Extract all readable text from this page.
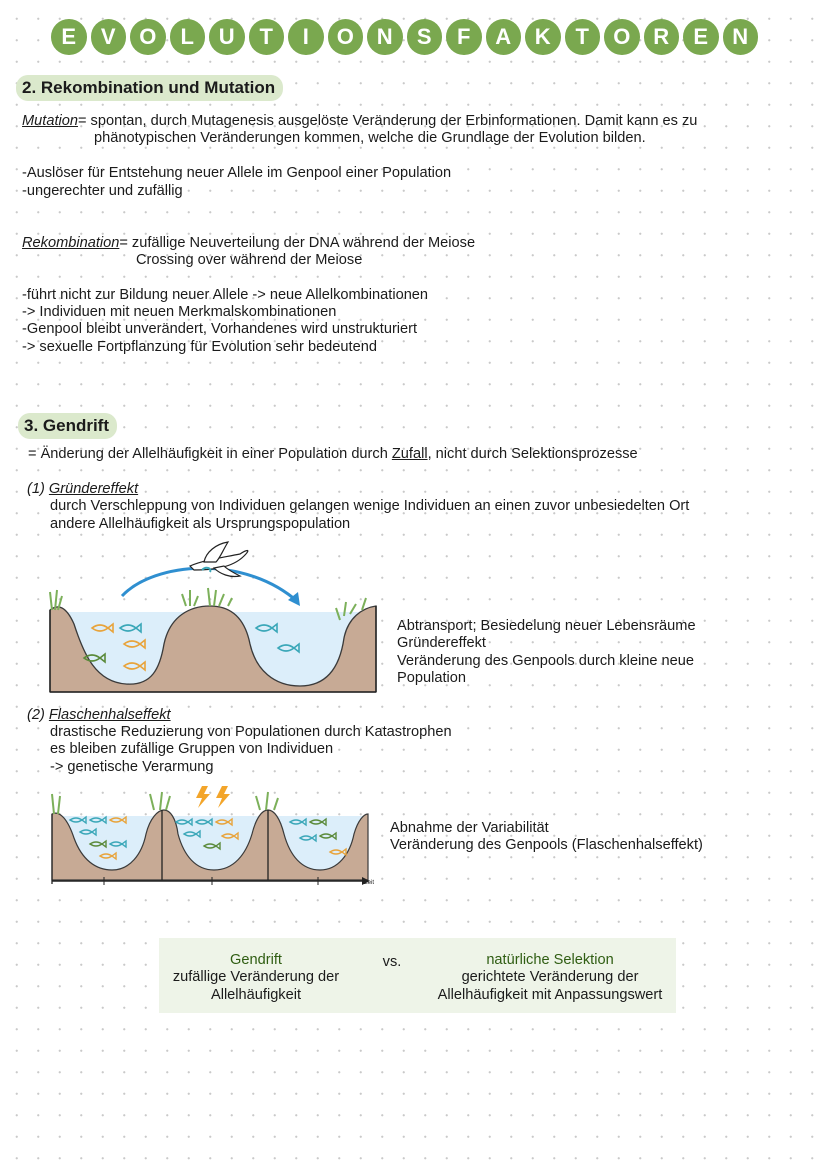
E	V	O	L	U	T	I	O	N	S	F	A	K	T	O	R	E	N
2. Rekombination und Mutation
Mutation= spontan, durch Mutagenesis ausgelöste Veränderung der Erbinformationen. Damit kann es zu
phänotypischen Veränderungen kommen, welche die Grundlage der Evolution bilden.
-Auslöser für Entstehung neuer Allele im Genpool einer Population
-ungerechter und zufällig
Rekombination= zufällige Neuverteilung der DNA während der Meiose
Crossing over während der Meiose
-führt nicht zur Bildung neuer Allele -> neue Allelkombinationen
-> Individuen mit neuen Merkmalskombinationen
-Genpool bleibt unverändert, Vorhandenes wird unstrukturiert
-> sexuelle Fortpflanzung für Evolution sehr bedeutend
3. Gendrift
= Änderung der Allelhäufigkeit in einer Population durch Zufall, nicht durch Selektionsprozesse
(1) Gründereffekt
durch Verschleppung von Individuen gelangen wenige Individuen an einen zuvor unbesiedelten Ort
andere Allelhäufigkeit als Ursprungspopulation
Abtransport; Besiedelung neuer Lebensräume
Gründereffekt
Veränderung des Genpools durch kleine neue
Population
(2) Flaschenhalseffekt
drastische Reduzierung von Populationen durch Katastrophen
es bleiben zufällige Gruppen von Individuen
-> genetische Verarmung
Zeit
Abnahme der Variabilität
Veränderung des Genpools (Flaschenhalseffekt)
Gendrift
zufällige Veränderung der
Allelhäufigkeit
vs.	natürliche Selektion
gerichtete Veränderung der
Allelhäufigkeit mit Anpassungswert
